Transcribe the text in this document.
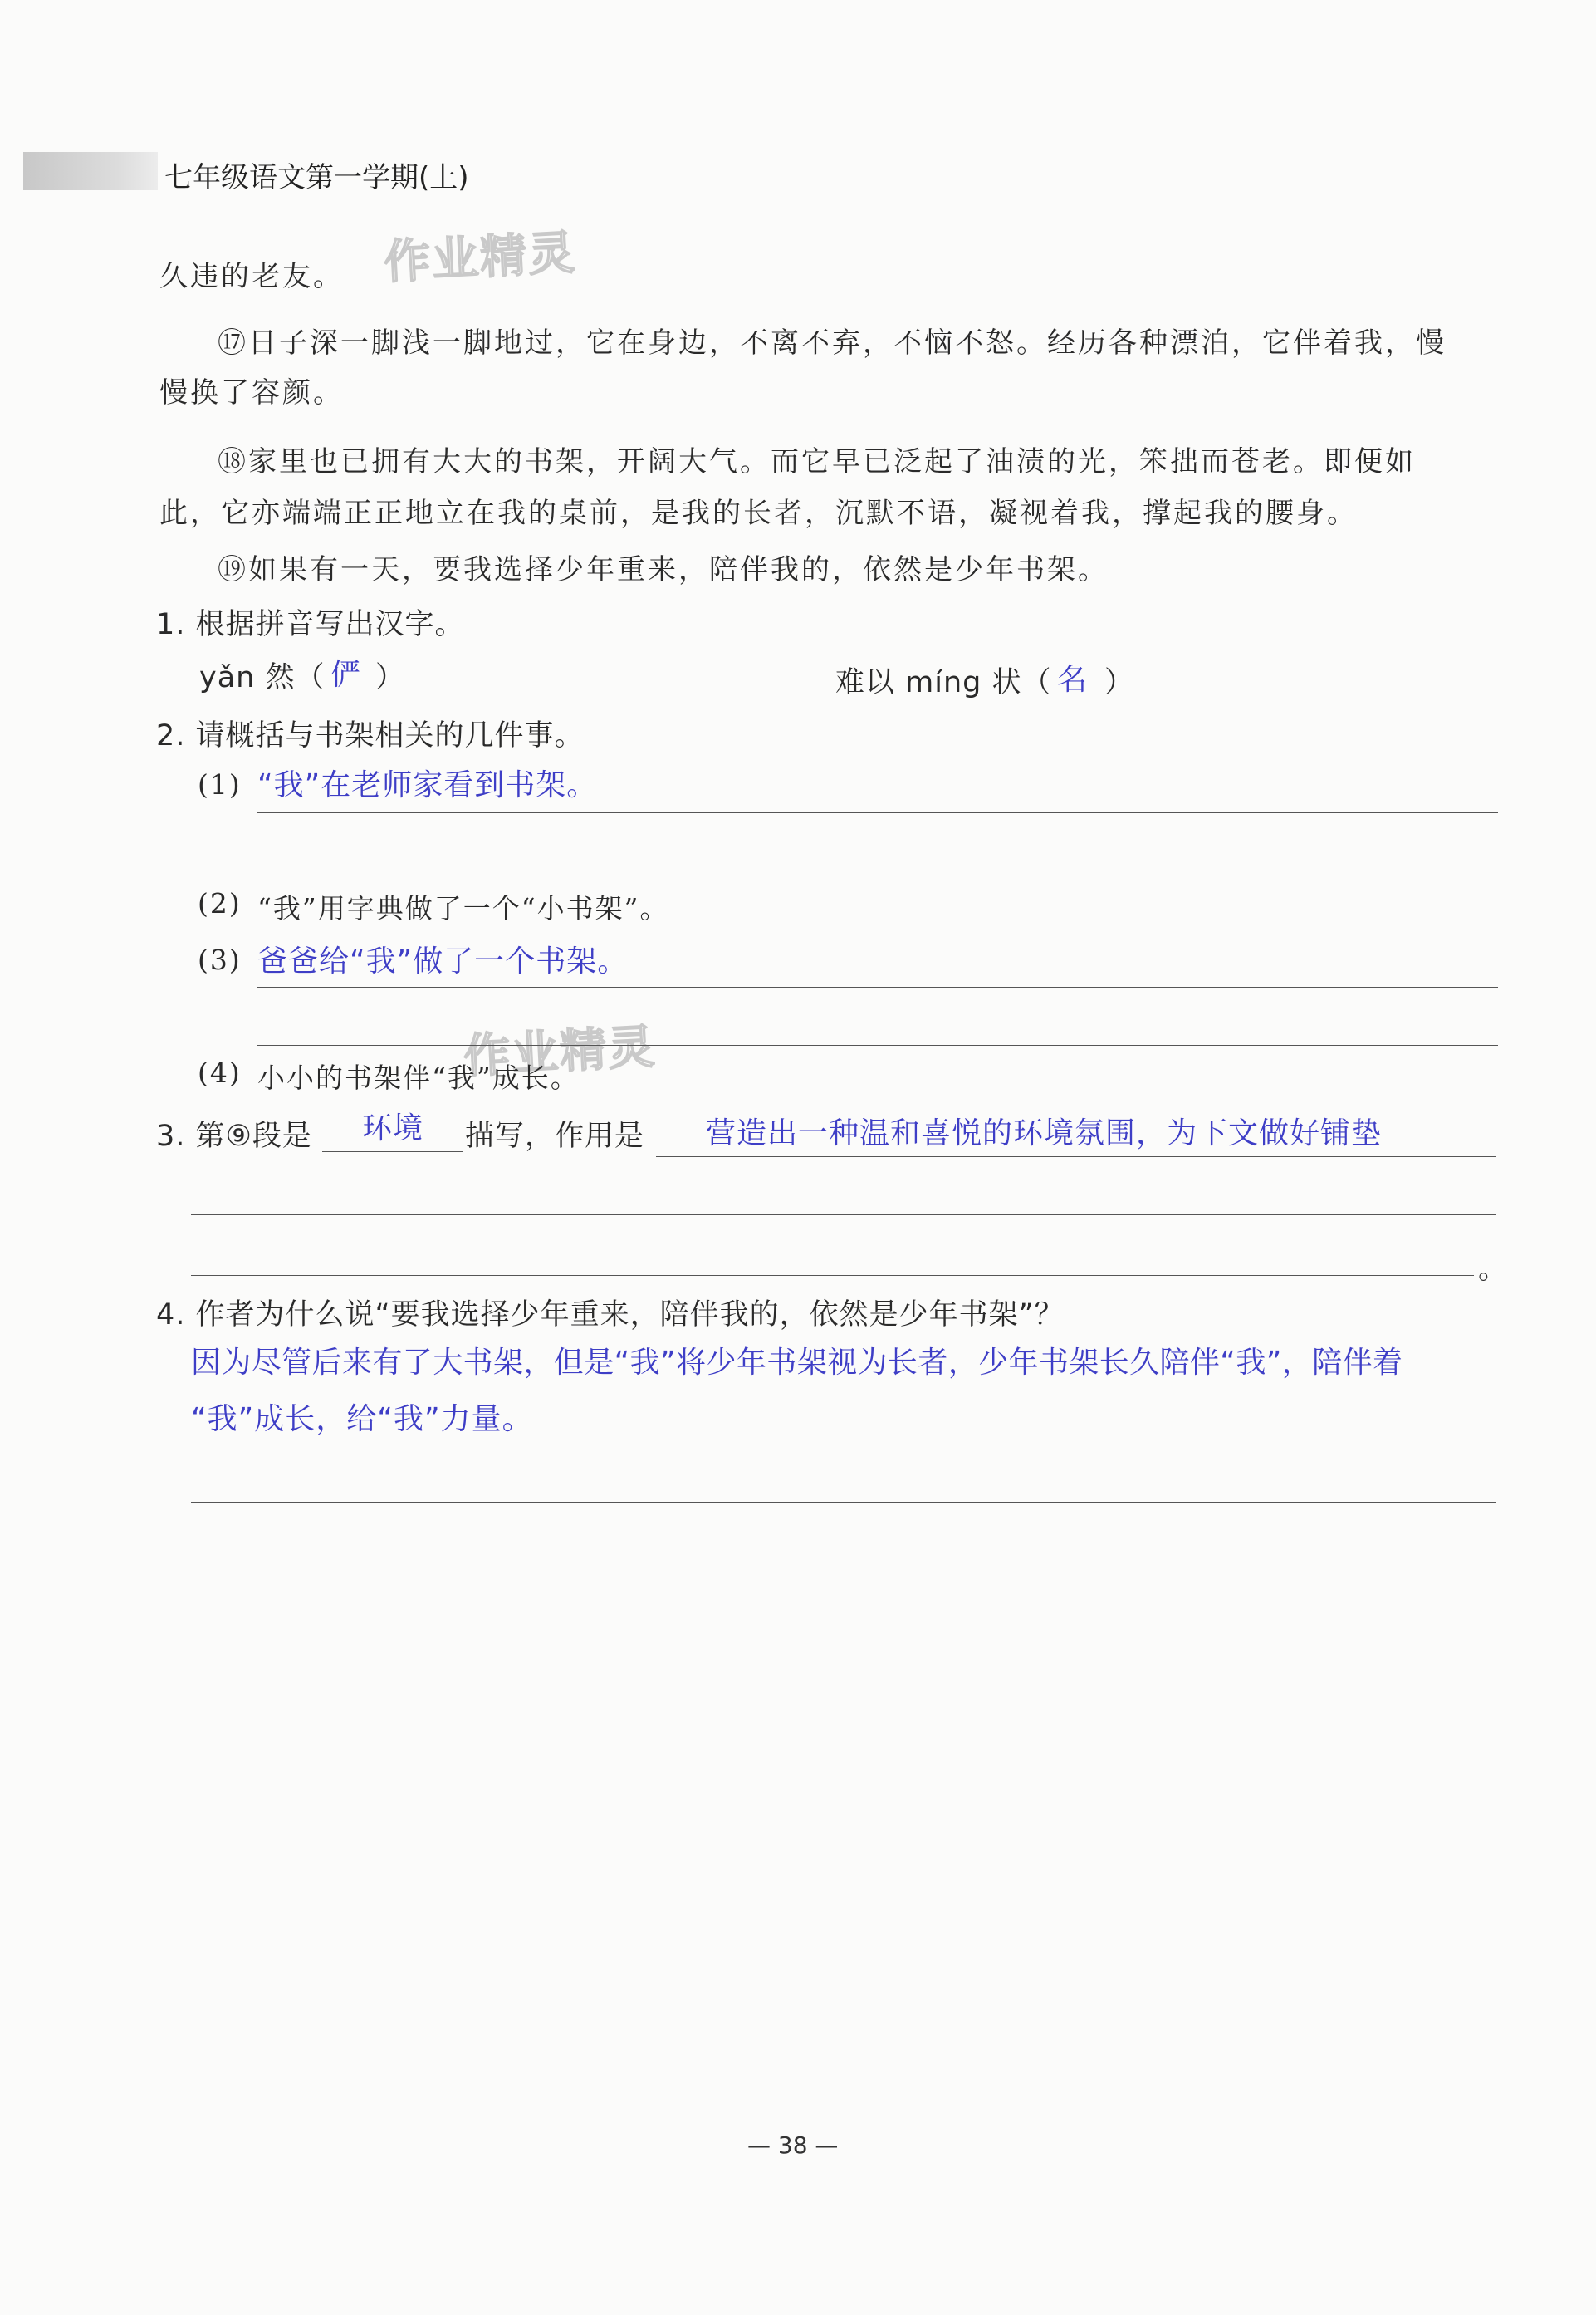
七年级语文第一学期(上)
作业精灵
作业精灵
久违的老友。
⑰日子深一脚浅一脚地过，它在身边，不离不弃，不恼不怒。经历各种漂泊，它伴着我，慢
慢换了容颜。
⑱家里也已拥有大大的书架，开阔大气。而它早已泛起了油渍的光，笨拙而苍老。即便如
此，它亦端端正正地立在我的桌前，是我的长者，沉默不语，凝视着我，撑起我的腰身。
⑲如果有一天，要我选择少年重来，陪伴我的，依然是少年书架。
1. 根据拼音写出汉字。
yǎn 然（ 俨 ）	难以 míng 状（ 名 ）
2. 请概括与书架相关的几件事。
(1) “我”在老师家看到书架。
(2) “我”用字典做了一个“小书架”。
(3) 爸爸给“我”做了一个书架。
(4) 小小的书架伴“我”成长。
3. 第⑨段是 环境 描写，作用是 营造出一种温和喜悦的环境氛围，为下文做好铺垫
。
4. 作者为什么说“要我选择少年重来，陪伴我的，依然是少年书架”？
因为尽管后来有了大书架，但是“我”将少年书架视为长者，少年书架长久陪伴“我”，陪伴着
“我”成长，给“我”力量。
— 38 —
